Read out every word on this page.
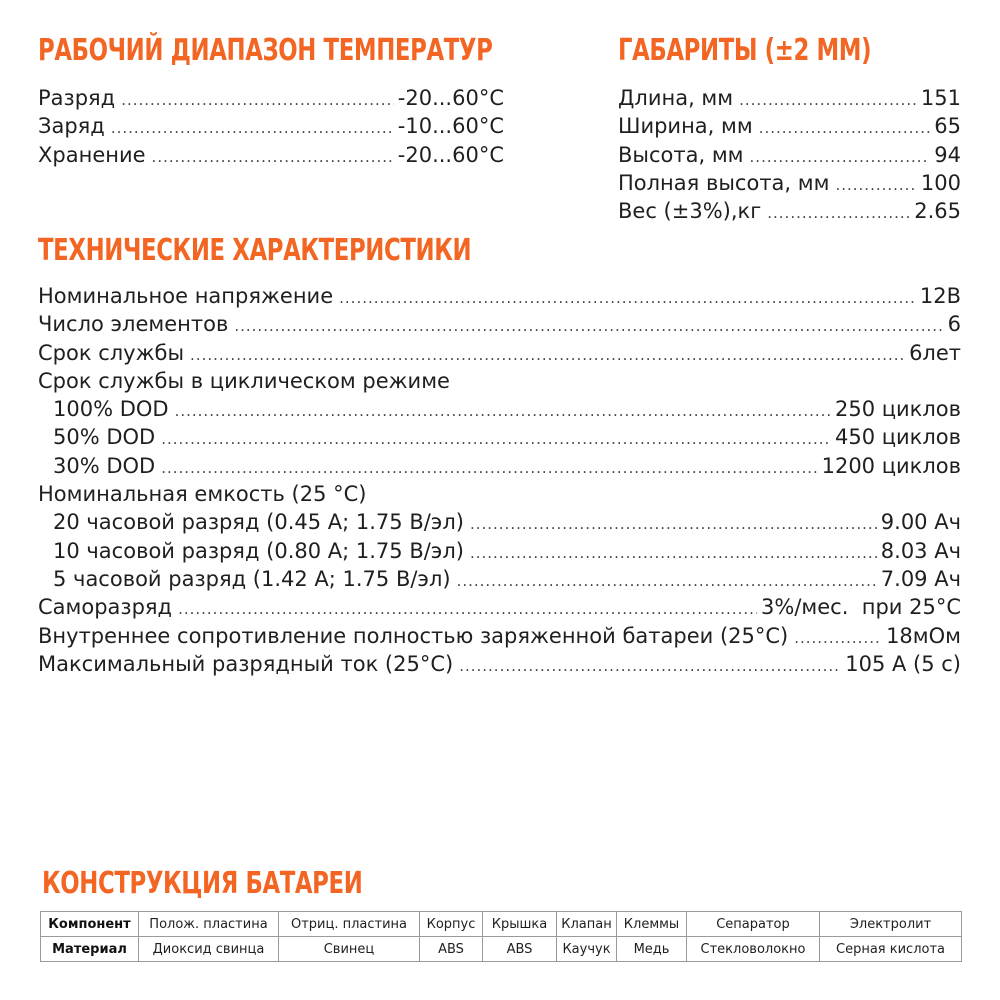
РАБОЧИЙ ДИАПАЗОН ТЕМПЕРАТУР
Разряд .....	-20...60°C
Заряд .....	-10...60°C
Хранение .....	-20...60°C
ГАБАРИТЫ (±2 ММ)
Длина, мм .....	151
Ширина, мм .....	65
Высота, мм .....	94
Полная высота, мм .....	100
Вес (±3%),кг .....	2.65
ТЕХНИЧЕСКИЕ ХАРАКТЕРИСТИКИ
Номинальное напряжение .....	12В
Число элементов .....	6
Срок службы .....	6лет
Срок службы в циклическом режиме
100% DOD .....	250 циклов
50% DOD .....	450 циклов
30% DOD .....	1200 циклов
Номинальная емкость (25 °C)
20 часовой разряд (0.45 А; 1.75 В/эл) .....	9.00 Ач
10 часовой разряд (0.80 А; 1.75 В/эл) .....	8.03 Ач
5 часовой разряд (1.42 А; 1.75 В/эл) .....	7.09 Ач
Саморазряд .....	3%/мес.  при 25°C
Внутреннее сопротивление полностью заряженной батареи (25°C) .....	18мОм
Максимальный разрядный ток (25°C) .....	105 А (5 с)
КОНСТРУКЦИЯ БАТАРЕИ
Компонент	Полож. пластина	Отриц. пластина	Корпус	Крышка	Клапан	Клеммы	Сепаратор	Электролит
Материал	Диоксид свинца	Свинец	ABS	ABS	Каучук	Медь	Стекловолокно	Серная кислота
